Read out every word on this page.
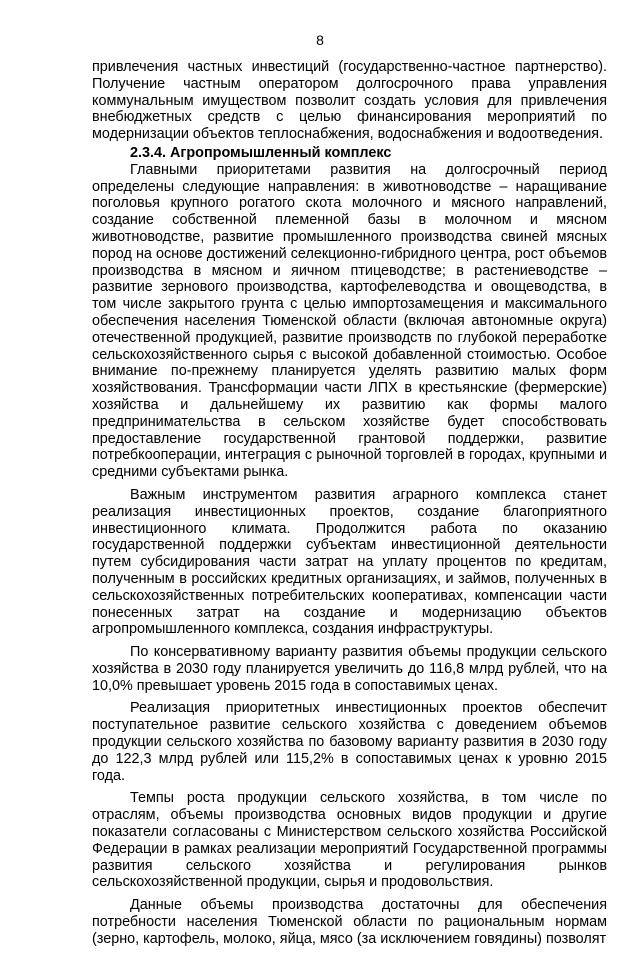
8

привлечения частных инвестиций (государственно-частное партнерство). Получение частным оператором долгосрочного права управления коммунальным имуществом позволит создать условия для привлечения внебюджетных средств с целью финансирования мероприятий по модернизации объектов теплоснабжения, водоснабжения и водоотведения.

2.3.4. Агропромышленный комплекс

Главными приоритетами развития на долгосрочный период определены следующие направления: в животноводстве – наращивание поголовья крупного рогатого скота молочного и мясного направлений, создание собственной племенной базы в молочном и мясном животноводстве, развитие промышленного производства свиней мясных пород на основе достижений селекционно-гибридного центра, рост объемов производства в мясном и яичном птицеводстве; в растениеводстве – развитие зернового производства, картофелеводства и овощеводства, в том числе закрытого грунта с целью импортозамещения и максимального обеспечения населения Тюменской области (включая автономные округа) отечественной продукцией, развитие производств по глубокой переработке сельскохозяйственного сырья с высокой добавленной стоимостью. Особое внимание по-прежнему планируется уделять развитию малых форм хозяйствования. Трансформации части ЛПХ в крестьянские (фермерские) хозяйства и дальнейшему их развитию как формы малого предпринимательства в сельском хозяйстве будет способствовать предоставление государственной грантовой поддержки, развитие потребкооперации, интеграция с рыночной торговлей в городах, крупными и средними субъектами рынка.

Важным инструментом развития аграрного комплекса станет реализация инвестиционных проектов, создание благоприятного инвестиционного климата. Продолжится работа по оказанию государственной поддержки субъектам инвестиционной деятельности путем субсидирования части затрат на уплату процентов по кредитам, полученным в российских кредитных организациях, и займов, полученных в сельскохозяйственных потребительских кооперативах, компенсации части понесенных затрат на создание и модернизацию объектов агропромышленного комплекса, создания инфраструктуры.

По консервативному варианту развития объемы продукции сельского хозяйства в 2030 году планируется увеличить до 116,8 млрд рублей, что на 10,0% превышает уровень 2015 года в сопоставимых ценах.

Реализация приоритетных инвестиционных проектов обеспечит поступательное развитие сельского хозяйства с доведением объемов продукции сельского хозяйства по базовому варианту развития в 2030 году до 122,3 млрд рублей или 115,2% в сопоставимых ценах к уровню 2015 года.

Темпы роста продукции сельского хозяйства, в том числе по отраслям, объемы производства основных видов продукции и другие показатели согласованы с Министерством сельского хозяйства Российской Федерации в рамках реализации мероприятий Государственной программы развития сельского хозяйства и регулирования рынков сельскохозяйственной продукции, сырья и продовольствия.

Данные объемы производства достаточны для обеспечения потребности населения Тюменской области по рациональным нормам (зерно, картофель, молоко, яйца, мясо (за исключением говядины) позволят
